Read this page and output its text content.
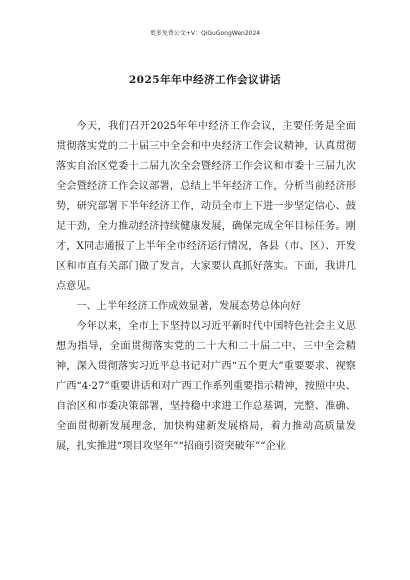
更多免费公文+V：QiGuGongWen2024
2025年年中经济工作会议讲话

今天，我们召开2025年年中经济工作会议，主要任务是全面贯彻落实党的二十届三中全会和中央经济工作会议精神，认真贯彻落实自治区党委十二届九次全会暨经济工作会议和市委十三届九次全会暨经济工作会议部署，总结上半年经济工作，分析当前经济形势，研究部署下半年经济工作，动员全市上下进一步坚定信心、鼓足干劲，全力推动经济持续健康发展，确保完成全年目标任务。刚才，X同志通报了上半年全市经济运行情况，各县（市、区）、开发区和市直有关部门做了发言，大家要认真抓好落实。下面，我讲几点意见。

一、上半年经济工作成效显著，发展态势总体向好

今年以来，全市上下坚持以习近平新时代中国特色社会主义思想为指导，全面贯彻落实党的二十大和二十届二中、三中全会精神，深入贯彻落实习近平总书记对广西“五个更大”重要要求、视察广西“4·27”重要讲话和对广西工作系列重要指示精神，按照中央、自治区和市委决策部署，坚持稳中求进工作总基调，完整、准确、全面贯彻新发展理念，加快构建新发展格局，着力推动高质量发展，扎实推进“项目攻坚年”“招商引资突破年”“企业
